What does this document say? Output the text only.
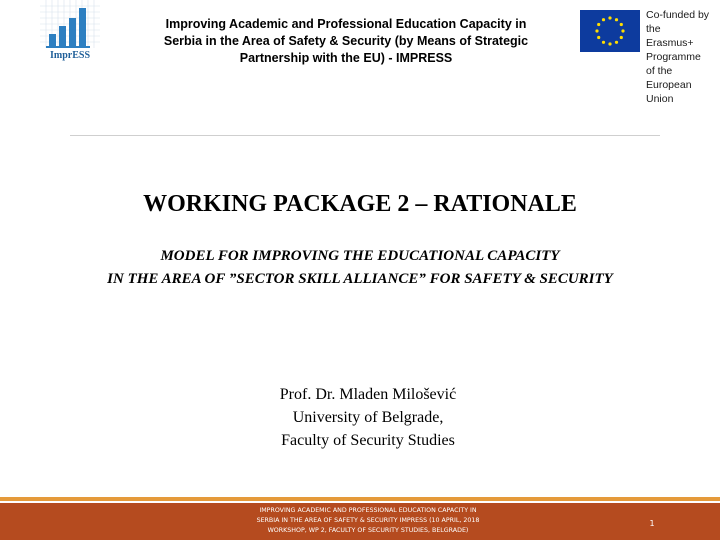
ImprESS
Improving Academic and Professional Education Capacity in
Serbia in the Area of Safety & Security (by Means of Strategic
Partnership with the EU) - IMPRESS
Co-funded by the
Erasmus+ Programme
of the European Union
WORKING PACKAGE 2 – RATIONALE
MODEL FOR IMPROVING THE EDUCATIONAL CAPACITY
IN THE AREA OF ”SECTOR SKILL ALLIANCE” FOR SAFETY & SECURITY
Prof. Dr. Mladen Milošević
University of Belgrade,
Faculty of Security Studies
IMPROVING ACADEMIC AND PROFESSIONAL EDUCATION CAPACITY IN
SERBIA IN THE AREA OF SAFETY & SECURITY IMPRESS (10 APRIL, 2018
WORKSHOP, WP 2, FACULTY OF SECURITY STUDIES, BELGRADE)
1
